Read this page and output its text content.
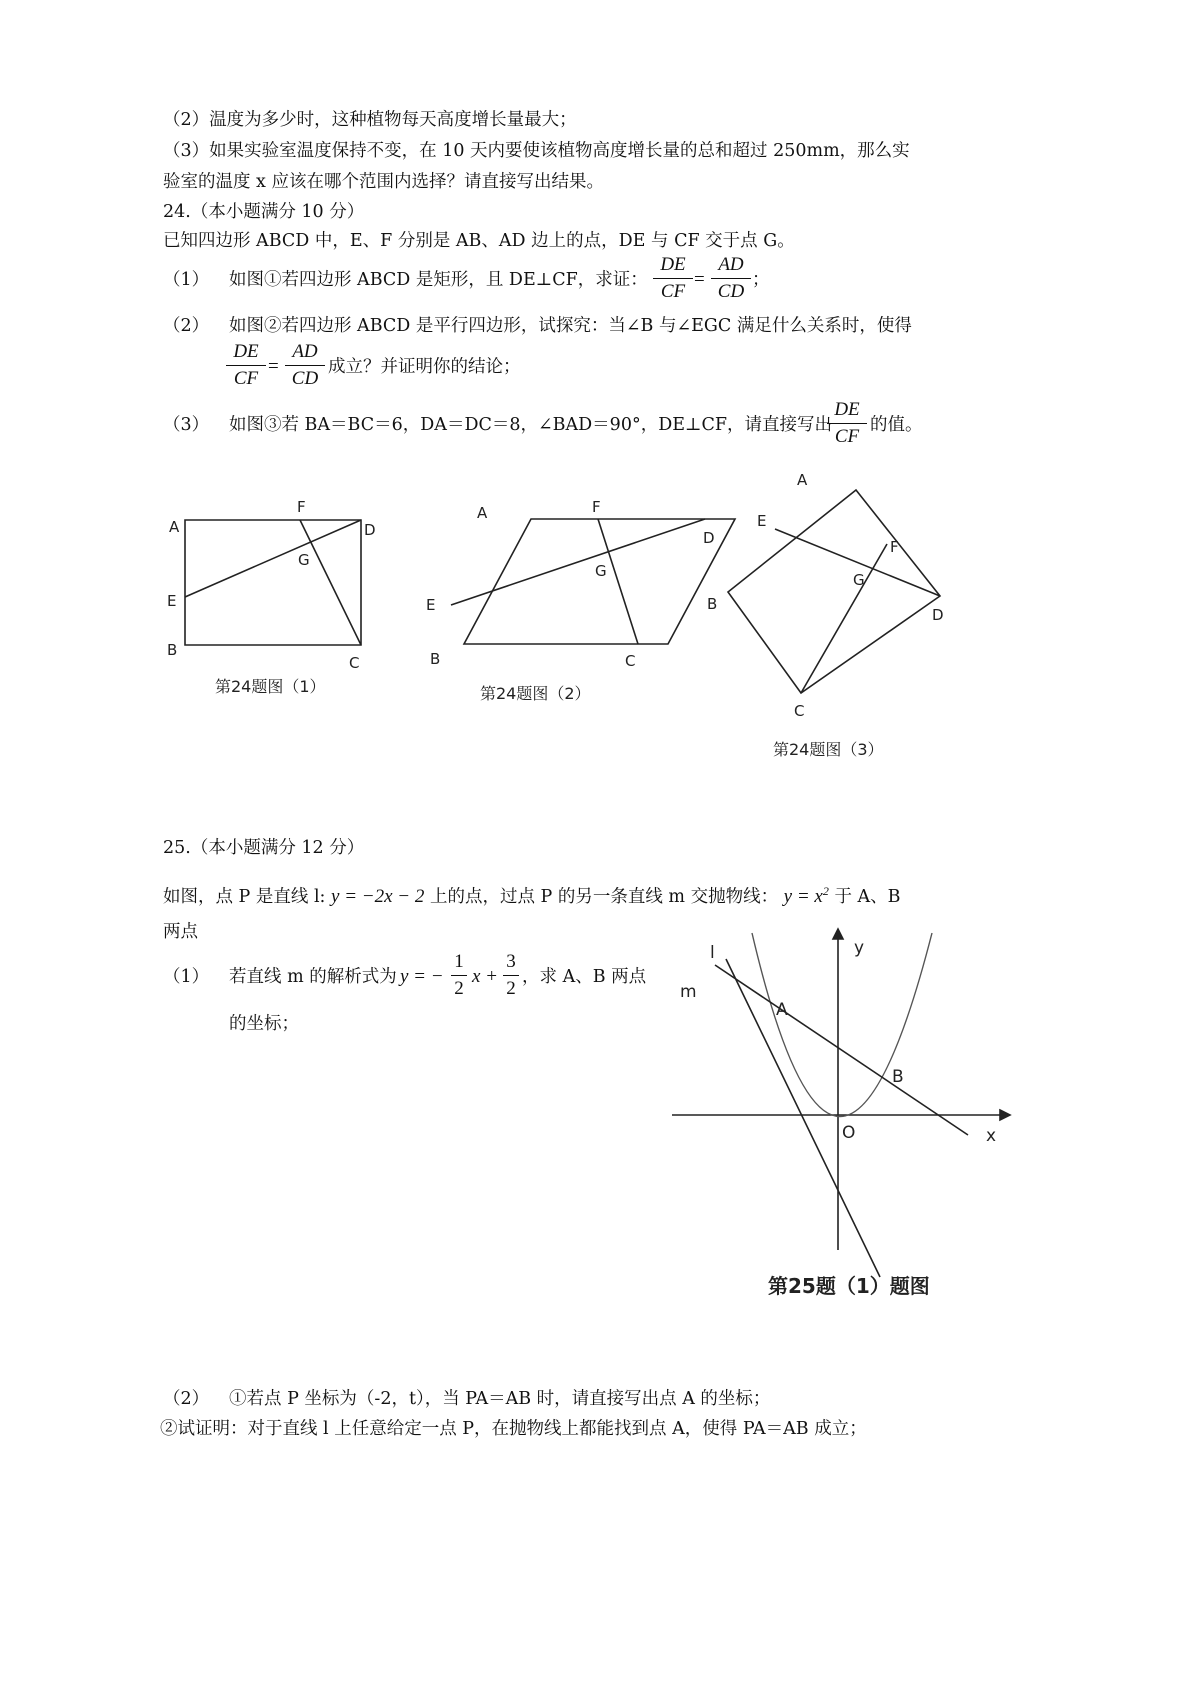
（2）温度为多少时，这种植物每天高度增长量最大；
（3）如果实验室温度保持不变，在 10 天内要使该植物高度增长量的总和超过 250mm，那么实
验室的温度 x 应该在哪个范围内选择？请直接写出结果。
24.（本小题满分 10 分）
已知四边形 ABCD 中，E、F 分别是 AB、AD 边上的点，DE 与 CF 交于点 G。
（1） 如图①若四边形 ABCD 是矩形，且 DE⊥CF，求证： $\frac{DE}{CF} = \frac{AD}{CD}$ ；
（2） 如图②若四边形 ABCD 是平行四边形，试探究：当∠B 与∠EGC 满足什么关系时，使得
$\frac{DE}{CF} = \frac{AD}{CD}$ 成立？并证明你的结论；
（3） 如图③若 BA＝BC＝6，DA＝DC＝8，∠BAD＝90°，DE⊥CF，请直接写出
$\frac{DE}{CF}$ 的值。
A
F
D
G
E
B
C
第24题图（1）
A	F
D
G
E
B	C
第24题图（2）
A
E
F
G
B
D
C
第24题图（3）
25.（本小题满分 12 分）
如图，点 P 是直线 l: y = −2x − 2 上的点，过点 P 的另一条直线 m 交抛物线： $y = x^2$ 于 A、B
两点
（1） 若直线 m 的解析式为 y = − $\frac{1}{2}$ $x + \frac{3}{2}$ ，求 A、B 两点
的坐标；
l
m
y
x
O
A
B
第25题（1）题图
（2） ①若点 P 坐标为（-2，t），当 PA＝AB 时，请直接写出点 A 的坐标；
②试证明：对于直线 l 上任意给定一点 P，在抛物线上都能找到点 A，使得 PA＝AB 成立；
